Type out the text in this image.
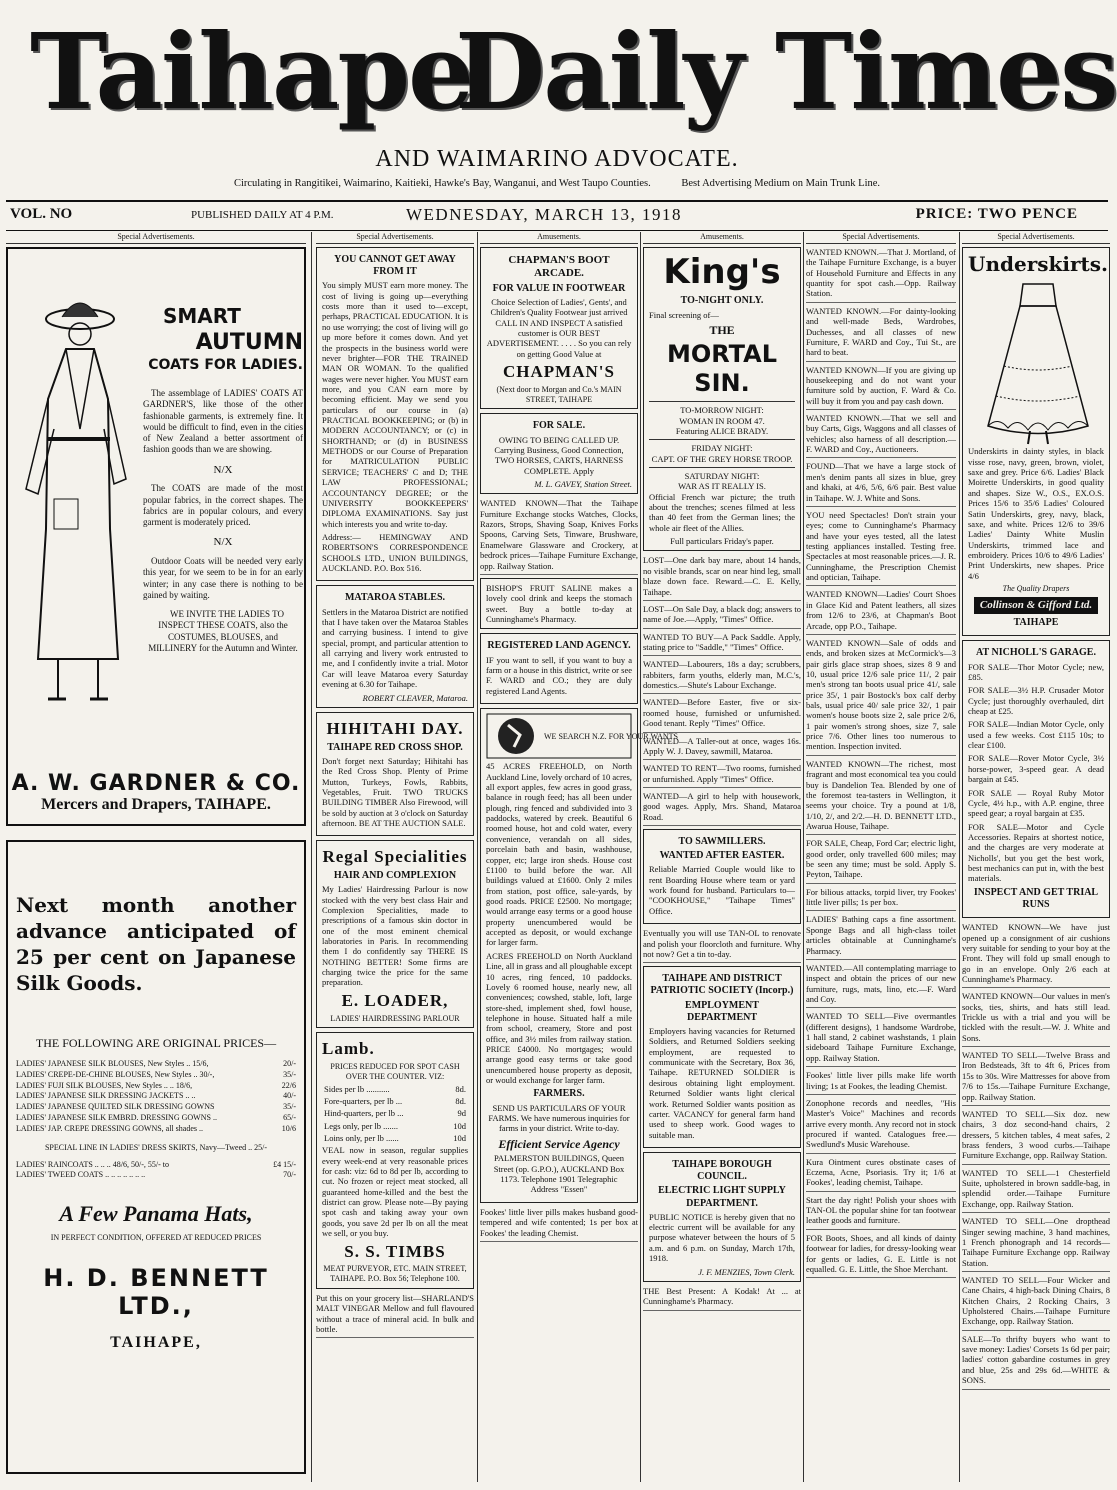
Taihape
Daily Times
AND WAIMARINO ADVOCATE.
Circulating in Rangitikei, Waimarino, Kaitieki, Hawke's Bay, Wanganui, and West Taupo Counties.	Best Advertising Medium on Main Trunk Line.
VOL. NO	PUBLISHED DAILY AT 4 P.M.	WEDNESDAY, MARCH 13, 1918	PRICE: TWO PENCE
Special Advertisements.
SMART
AUTUMN
COATS FOR LADIES.

The assemblage of LADIES' COATS AT GARDNER'S, like those of the other fashionable garments, is extremely fine. It would be difficult to find, even in the cities of New Zealand a better assortment of fashion goods than we are showing.

N/X

The COATS are made of the most popular fabrics, in the correct shapes. The fabrics are in popular colours, and every garment is moderately priced.

N/X

Outdoor Coats will be needed very early this year, for we seem to be in for an early winter; in any case there is nothing to be gained by waiting.

WE INVITE THE LADIES TO INSPECT THESE COATS, also the COSTUMES, BLOUSES, and MILLINERY for the Autumn and Winter.

A. W. GARDNER & CO.
Mercers and Drapers, TAIHAPE.
Next month another advance anticipated of 25 per cent on Japanese Silk Goods.
THE FOLLOWING ARE ORIGINAL PRICES—
LADIES' JAPANESE SILK BLOUSES, New Styles .. 15/6,	20/-
LADIES' CREPE-DE-CHINE BLOUSES, New Styles .. 30/-,	35/-
LADIES' FUJI SILK BLOUSES, New Styles .. .. 18/6,	22/6
LADIES' JAPANESE SILK DRESSING JACKETS .. ..	40/-
LADIES' JAPANESE QUILTED SILK DRESSING GOWNS	35/-
LADIES' JAPANESE SILK EMBRD. DRESSING GOWNS ..	65/-
LADIES' JAP. CREPE DRESSING GOWNS, all shades ..	10/6
SPECIAL LINE IN LADIES' DRESS SKIRTS, Navy—Tweed .. 25/-
LADIES' RAINCOATS .. .. .. 48/6, 50/-, 55/- to	£4 15/-
LADIES' TWEED COATS .. .. .. .. .. .. ..	70/-
A Few Panama Hats,
IN PERFECT CONDITION, OFFERED AT REDUCED PRICES
H. D. BENNETT LTD.,
TAIHAPE,
Special Advertisements.
YOU CANNOT GET AWAY FROM IT

You simply MUST earn more money. The cost of living is going up—everything costs more than it used to—except, perhaps, PRACTICAL EDUCATION. It is no use worrying; the cost of living will go up more before it comes down. And yet the prospects in the business world were never brighter—FOR THE TRAINED MAN OR WOMAN. To the qualified wages were never higher. You MUST earn more, and you CAN earn more by becoming efficient. May we send you particulars of our course in (a) PRACTICAL BOOKKEEPING; or (b) in MODERN ACCOUNTANCY; or (c) in SHORTHAND; or (d) in BUSINESS METHODS or our Course of Preparation for MATRICULATION PUBLIC SERVICE; TEACHERS' C and D; THE LAW PROFESSIONAL; ACCOUNTANCY DEGREE; or the UNIVERSITY BOOKKEEPERS' DIPLOMA EXAMINATIONS. Say just which interests you and write to-day.

Address:— HEMINGWAY AND ROBERTSON'S CORRESPONDENCE SCHOOLS LTD., UNION BUILDINGS, AUCKLAND. P.O. Box 516.

MATAROA STABLES.

Settlers in the Mataroa District are notified that I have taken over the Mataroa Stables and carrying business. I intend to give special, prompt, and particular attention to all carrying and livery work entrusted to me, and I confidently invite a trial. Motor Car will leave Mataroa every Saturday evening at 6.30 for Taihape.

ROBERT CLEAVER, Mataroa.
HIHITAHI DAY.
TAIHAPE RED CROSS SHOP.

Don't forget next Saturday; Hihitahi has the Red Cross Shop. Plenty of Prime Mutton, Turkeys, Fowls, Rabbits, Vegetables, Fruit. TWO TRUCKS BUILDING TIMBER Also Firewood, will be sold by auction at 3 o'clock on Saturday afternoon. BE AT THE AUCTION SALE.

Regal Specialities
HAIR AND COMPLEXION

My Ladies' Hairdressing Parlour is now stocked with the very best class Hair and Complexion Specialities, made to prescriptions of a famous skin doctor in one of the most eminent chemical laboratories in Paris. In recommending them I do confidently say THERE IS NOTHING BETTER! Some firms are charging twice the price for the same preparation.

E. LOADER,
LADIES' HAIRDRESSING PARLOUR
Lamb.
PRICES REDUCED FOR SPOT CASH OVER THE COUNTER. VIZ:
Sides per lb ...........	8d.
Fore-quarters, per lb ...	8d.
Hind-quarters, per lb ...	9d
Legs only, per lb .......	10d
Loins only, per lb ......	10d

VEAL now in season, regular supplies every week-end at very reasonable prices for cash: viz: 6d to 8d per lb, according to cut. No frozen or reject meat stocked, all guaranteed home-killed and the best the district can grow. Please note—By paying spot cash and taking away your own goods, you save 2d per lb on all the meat we sell, or you buy.

S. S. TIMBS
MEAT PURVEYOR, ETC. MAIN STREET, TAIHAPE. P.O. Box 56; Telephone 100.
Put this on your grocery list—SHARLAND'S MALT VINEGAR Mellow and full flavoured without a trace of mineral acid. In bulk and bottle.
Amusements.
CHAPMAN'S BOOT ARCADE.
FOR VALUE IN FOOTWEAR

Choice Selection of Ladies', Gents', and Children's Quality Footwear just arrived CALL IN AND INSPECT A satisfied customer is OUR BEST ADVERTISEMENT. . . . . So you can rely on getting Good Value at

CHAPMAN'S
(Next door to Morgan and Co.'s MAIN STREET, TAIHAPE
FOR SALE.

OWING TO BEING CALLED UP. Carrying Business, Good Connection, TWO HORSES, CARTS, HARNESS COMPLETE. Apply

M. L. GAVEY, Station Street.
WANTED KNOWN—That the Taihape Furniture Exchange stocks Watches, Clocks, Razors, Strops, Shaving Soap, Knives Forks Spoons, Carving Sets, Tinware, Brushware, Enamelware Glassware and Crockery, at bedrock prices—Taihape Furniture Exchange, opp. Railway Station.
BISHOP'S FRUIT SALINE makes a lovely cool drink and keeps the stomach sweet. Buy a bottle to-day at Cunninghame's Pharmacy.
REGISTERED LAND AGENCY.

IF you want to sell, if you want to buy a farm or a house in this district, write or see F. WARD and CO.; they are duly registered Land Agents.

WE SEARCH N.Z. FOR YOUR WANTS

45 ACRES FREEHOLD, on North Auckland Line, lovely orchard of 10 acres, all export apples, few acres in good grass, balance in rough feed; has all been under plough, ring fenced and subdivided into 3 paddocks, watered by creek. Beautiful 6 roomed house, hot and cold water, every convenience, verandah on all sides, porcelain bath and basin, washhouse, copper, etc; large iron sheds. House cost £1100 to build before the war. All buildings valued at £1600. Only 2 miles from station, post office, sale-yards, by good roads. PRICE £2500. No mortgage; would arrange easy terms or a good house property unencumbered would be accepted as deposit, or would exchange for larger farm.

ACRES FREEHOLD on North Auckland Line, all in grass and all ploughable except 10 acres, ring fenced, 10 paddocks. Lovely 6 roomed house, nearly new, all conveniences; cowshed, stable, loft, large store-shed, implement shed, fowl house, telephone in house. Situated half a mile from school, creamery, Store and post office, and 3½ miles from railway station. PRICE £4000. No mortgages; would arrange good easy terms or take good unencumbered house property as deposit, or would exchange for larger farm.

FARMERS.

SEND US PARTICULARS OF YOUR FARMS. We have numerous inquiries for farms in your district. Write to-day.

Efficient Service Agency

PALMERSTON BUILDINGS, Queen Street (op. G.P.O.), AUCKLAND Box 1173. Telephone 1901 Telegraphic Address "Essen"

Fookes' little liver pills makes husband good-tempered and wife contented; 1s per box at Fookes' the leading Chemist.
Amusements.
King's
TO-NIGHT ONLY.

Final screening of—

THE
MORTAL SIN.
TO-MORROW NIGHT:
WOMAN IN ROOM 47.
Featuring ALICE BRADY.
FRIDAY NIGHT:
CAPT. OF THE GREY HORSE TROOP.
SATURDAY NIGHT:
WAR AS IT REALLY IS.

Official French war picture; the truth about the trenches; scenes filmed at less than 40 feet from the German lines; the whole air fleet of the Allies.

Full particulars Friday's paper.
LOST—One dark bay mare, about 14 hands, no visible brands, scar on near hind leg, small blaze down face. Reward.—C. E. Kelly, Taihape.
LOST—On Sale Day, a black dog; answers to name of Joe.—Apply, "Times" Office.
WANTED TO BUY—A Pack Saddle. Apply, stating price to "Saddle," "Times" Office.
WANTED—Labourers, 18s a day; scrubbers, rabbiters, farm youths, elderly man, M.C.'s, domestics.—Shute's Labour Exchange.
WANTED—Before Easter, five or six-roomed house, furnished or unfurnished. Good tenant. Reply "Times" Office.
WANTED—A Taller-out at once, wages 16s. Apply W. J. Davey, sawmill, Mataroa.
WANTED TO RENT—Two rooms, furnished or unfurnished. Apply "Times" Office.
WANTED—A girl to help with housework, good wages. Apply, Mrs. Shand, Mataroa Road.
TO SAWMILLERS.
WANTED AFTER EASTER.

Reliable Married Couple would like to rent Boarding House where team or yard work found for husband. Particulars to— "COOKHOUSE," "Taihape Times" Office.

Eventually you will use TAN-OL to renovate and polish your floorcloth and furniture. Why not now? Get a tin to-day.
TAIHAPE AND DISTRICT PATRIOTIC SOCIETY (Incorp.)
EMPLOYMENT DEPARTMENT

Employers having vacancies for Returned Soldiers, and Returned Soldiers seeking employment, are requested to communicate with the Secretary, Box 36, Taihape. RETURNED SOLDIER is desirous obtaining light employment. Returned Soldier wants light clerical work. Returned Soldier wants position as carter. VACANCY for general farm hand used to sheep work. Good wages to suitable man.

TAIHAPE BOROUGH COUNCIL.
ELECTRIC LIGHT SUPPLY DEPARTMENT.

PUBLIC NOTICE is hereby given that no electric current will be available for any purpose whatever between the hours of 5 a.m. and 6 p.m. on Sunday, March 17th, 1918.

J. F. MENZIES, Town Clerk.
THE Best Present: A Kodak! At ... at Cunninghame's Pharmacy.
Special Advertisements.
WANTED KNOWN.—That J. Mortland, of the Taihape Furniture Exchange, is a buyer of Household Furniture and Effects in any quantity for spot cash.—Opp. Railway Station.
WANTED KNOWN.—For dainty-looking and well-made Beds, Wardrobes, Duchesses, and all classes of new Furniture, F. WARD and Coy., Tui St., are hard to beat.
WANTED KNOWN—If you are giving up housekeeping and do not want your furniture sold by auction, F. Ward & Co. will buy it from you and pay cash down.
WANTED KNOWN.—That we sell and buy Carts, Gigs, Waggons and all classes of vehicles; also harness of all description.—F. WARD and Coy., Auctioneers.
FOUND—That we have a large stock of men's denim pants all sizes in blue, grey and khaki, at 4/6, 5/6, 6/6 pair. Best value in Taihape. W. J. White and Sons.
YOU need Spectacles! Don't strain your eyes; come to Cunninghame's Pharmacy and have your eyes tested, all the latest testing appliances installed. Testing free. Spectacles at most reasonable prices.—J. R. Cunninghame, the Prescription Chemist and optician, Taihape.
WANTED KNOWN—Ladies' Court Shoes in Glace Kid and Patent leathers, all sizes from 12/6 to 23/6, at Chapman's Boot Arcade, opp P.O., Taihape.
WANTED KNOWN—Sale of odds and ends, and broken sizes at McCormick's—3 pair girls glace strap shoes, sizes 8 9 and 10, usual price 12/6 sale price 11/, 2 pair men's strong tan boots usual price 41/, sale price 35/, 1 pair Bostock's box calf derby bals, usual price 40/ sale price 32/, 1 pair women's house boots size 2, sale price 2/6, 1 pair women's strong shoes, size 7, sale price 7/6. Other lines too numerous to mention. Inspection invited.
WANTED KNOWN—The richest, most fragrant and most economical tea you could buy is Dandelion Tea. Blended by one of the foremost tea-tasters in Wellington, it seems your choice. Try a pound at 1/8, 1/10, 2/, and 2/2.—H. D. BENNETT LTD., Awarua House, Taihape.
FOR SALE, Cheap, Ford Car; electric light, good order, only travelled 600 miles; may be seen any time; must be sold. Apply S. Peyton, Taihape.
For bilious attacks, torpid liver, try Fookes' little liver pills; 1s per box.
LADIES' Bathing caps a fine assortment. Sponge Bags and all high-class toilet articles obtainable at Cunninghame's Pharmacy.
WANTED.—All contemplating marriage to inspect and obtain the prices of our new furniture, rugs, mats, lino, etc.—F. Ward and Coy.
WANTED TO SELL—Five overmantles (different designs), 1 handsome Wardrobe, 1 hall stand, 2 cabinet washstands, 1 plain sideboard Taihape Furniture Exchange, opp. Railway Station.
Fookes' little liver pills make life worth living; 1s at Fookes, the leading Chemist.
Zonophone records and needles, "His Master's Voice" Machines and records arrive every month. Any record not in stock procured if wanted. Catalogues free.—Swedlund's Music Warehouse.
Kura Ointment cures obstinate cases of Eczema, Acne, Psoriasis. Try it; 1/6 at Fookes', leading chemist, Taihape.
Start the day right! Polish your shoes with TAN-OL the popular shine for tan footwear leather goods and furniture.
FOR Boots, Shoes, and all kinds of dainty footwear for ladies, for dressy-looking wear for gents or ladies, G. E. Little is not equalled. G. E. Little, the Shoe Merchant.
Special Advertisements.
Underskirts.

Underskirts in dainty styles, in black visse rose, navy, green, brown, violet, saxe and grey. Price 6/6. Ladies' Black Moirette Underskirts, in good quality and shapes. Size W., O.S., EX.O.S. Prices 15/6 to 35/6 Ladies' Coloured Satin Underskirts, grey, navy, black, saxe, and white. Prices 12/6 to 39/6 Ladies' Dainty White Muslin Underskirts, trimmed lace and embroidery. Prices 10/6 to 49/6 Ladies' Print Underskirts, new shapes. Price 4/6

The Quality Drapers
Collinson & Gifford Ltd.
TAIHAPE
AT NICHOLL'S GARAGE.

FOR SALE—Thor Motor Cycle; new, £85.

FOR SALE—3½ H.P. Crusader Motor Cycle; just thoroughly overhauled, dirt cheap at £25.

FOR SALE—Indian Motor Cycle, only used a few weeks. Cost £115 10s; to clear £100.

FOR SALE—Rover Motor Cycle, 3½ horse-power, 3-speed gear. A dead bargain at £45.

FOR SALE — Royal Ruby Motor Cycle, 4½ h.p., with A.P. engine, three speed gear; a royal bargain at £35.

FOR SALE—Motor and Cycle Accessories. Repairs at shortest notice, and the charges are very moderate at Nicholls', but you get the best work, best mechanics can put in, with the best materials.

INSPECT AND GET TRIAL RUNS
WANTED KNOWN—We have just opened up a consignment of air cushions very suitable for sending to your boy at the Front. They will fold up small enough to go in an envelope. Only 2/6 each at Cunninghame's Pharmacy.
WANTED KNOWN—Our values in men's socks, ties, shirts, and hats still lead. Trickle us with a trial and you will be tickled with the result.—W. J. White and Sons.
WANTED TO SELL—Twelve Brass and Iron Bedsteads, 3ft to 4ft 6, Prices from 15s to 30s. Wire Mattresses for above from 7/6 to 15s.—Taihape Furniture Exchange, opp. Railway Station.
WANTED TO SELL—Six doz. new chairs, 3 doz second-hand chairs, 2 dressers, 5 kitchen tables, 4 meat safes, 2 brass fenders, 3 wood curbs.—Taihape Furniture Exchange, opp. Railway Station.
WANTED TO SELL—1 Chesterfield Suite, upholstered in brown saddle-bag, in splendid order.—Taihape Furniture Exchange, opp. Railway Station.
WANTED TO SELL—One dropthead Singer sewing machine, 3 hand machines, 1 French phonograph and 14 records—Taihape Furniture Exchange opp. Railway Station.
WANTED TO SELL—Four Wicker and Cane Chairs, 4 high-back Dining Chairs, 8 Kitchen Chairs, 2 Rocking Chairs, 3 Upholstered Chairs.—Taihape Furniture Exchange, opp. Railway Station.
SALE—To thrifty buyers who want to save money: Ladies' Corsets 1s 6d per pair; ladies' cotton gabardine costumes in grey and blue, 25s and 29s 6d.—WHITE & SONS.
